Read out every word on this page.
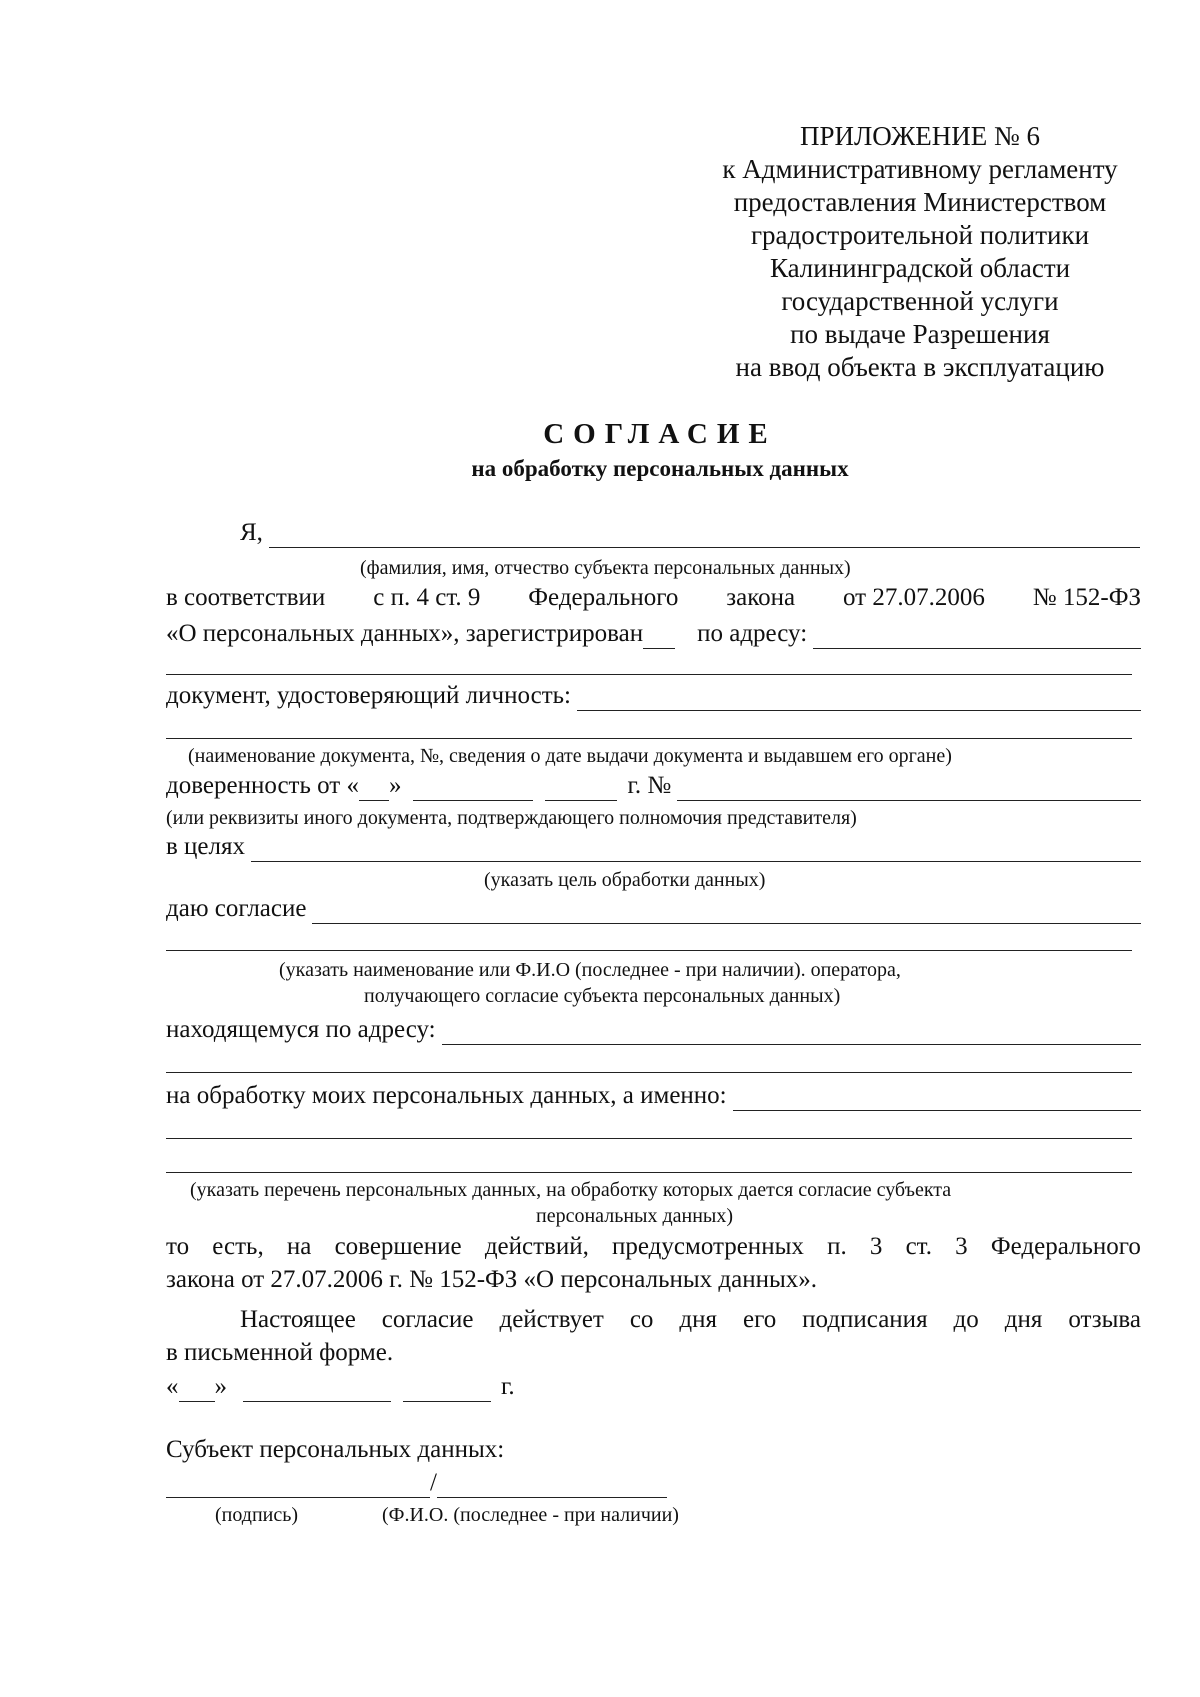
ПРИЛОЖЕНИЕ № 6
к Административному регламенту
предоставления Министерством
градостроительной политики
Калининградской области
государственной услуги
по выдаче Разрешения
на ввод объекта в эксплуатацию
СОГЛАСИЕ
на обработку персональных данных
Я,
(фамилия, имя, отчество субъекта персональных данных)
в соответствии с п. 4 ст. 9 Федерального закона от 27.07.2006 № 152-ФЗ
«О персональных данных», зарегистрирован по адресу:
документ, удостоверяющий личность:
(наименование документа, №, сведения о дате выдачи документа и выдавшем его органе)
доверенность от « »	г. №
(или реквизиты иного документа, подтверждающего полномочия представителя)
в целях
(указать цель обработки данных)
даю согласие
(указать наименование или Ф.И.О (последнее - при наличии). оператора,
получающего согласие субъекта персональных данных)
находящемуся по адресу:
на обработку моих персональных данных, а именно:
(указать перечень персональных данных, на обработку которых дается согласие субъекта
персональных данных)
то есть, на совершение действий, предусмотренных п. 3 ст. 3 Федерального
закона от 27.07.2006 г. № 152-ФЗ «О персональных данных».
Настоящее согласие действует со дня его подписания до дня отзыва
в письменной форме.
« »	г.
Субъект персональных данных:
/
(подпись)	(Ф.И.О. (последнее - при наличии)
